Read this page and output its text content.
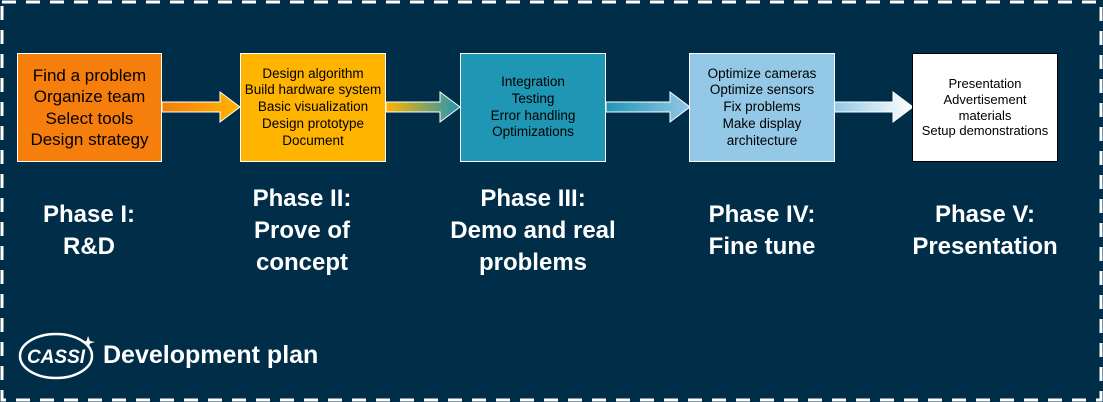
Find a problem
Organize team
Select tools
Design strategy
Design algorithm
Build hardware system
Basic visualization
Design prototype
Document
Integration
Testing
Error handling
Optimizations
Optimize cameras
Optimize sensors
Fix problems
Make display
architecture
Presentation
Advertisement
materials
Setup demonstrations
Phase I:
R&D
Phase II:
Prove of
concept
Phase III:
Demo and real
problems
Phase IV:
Fine tune
Phase V:
Presentation
CASSI Development plan
